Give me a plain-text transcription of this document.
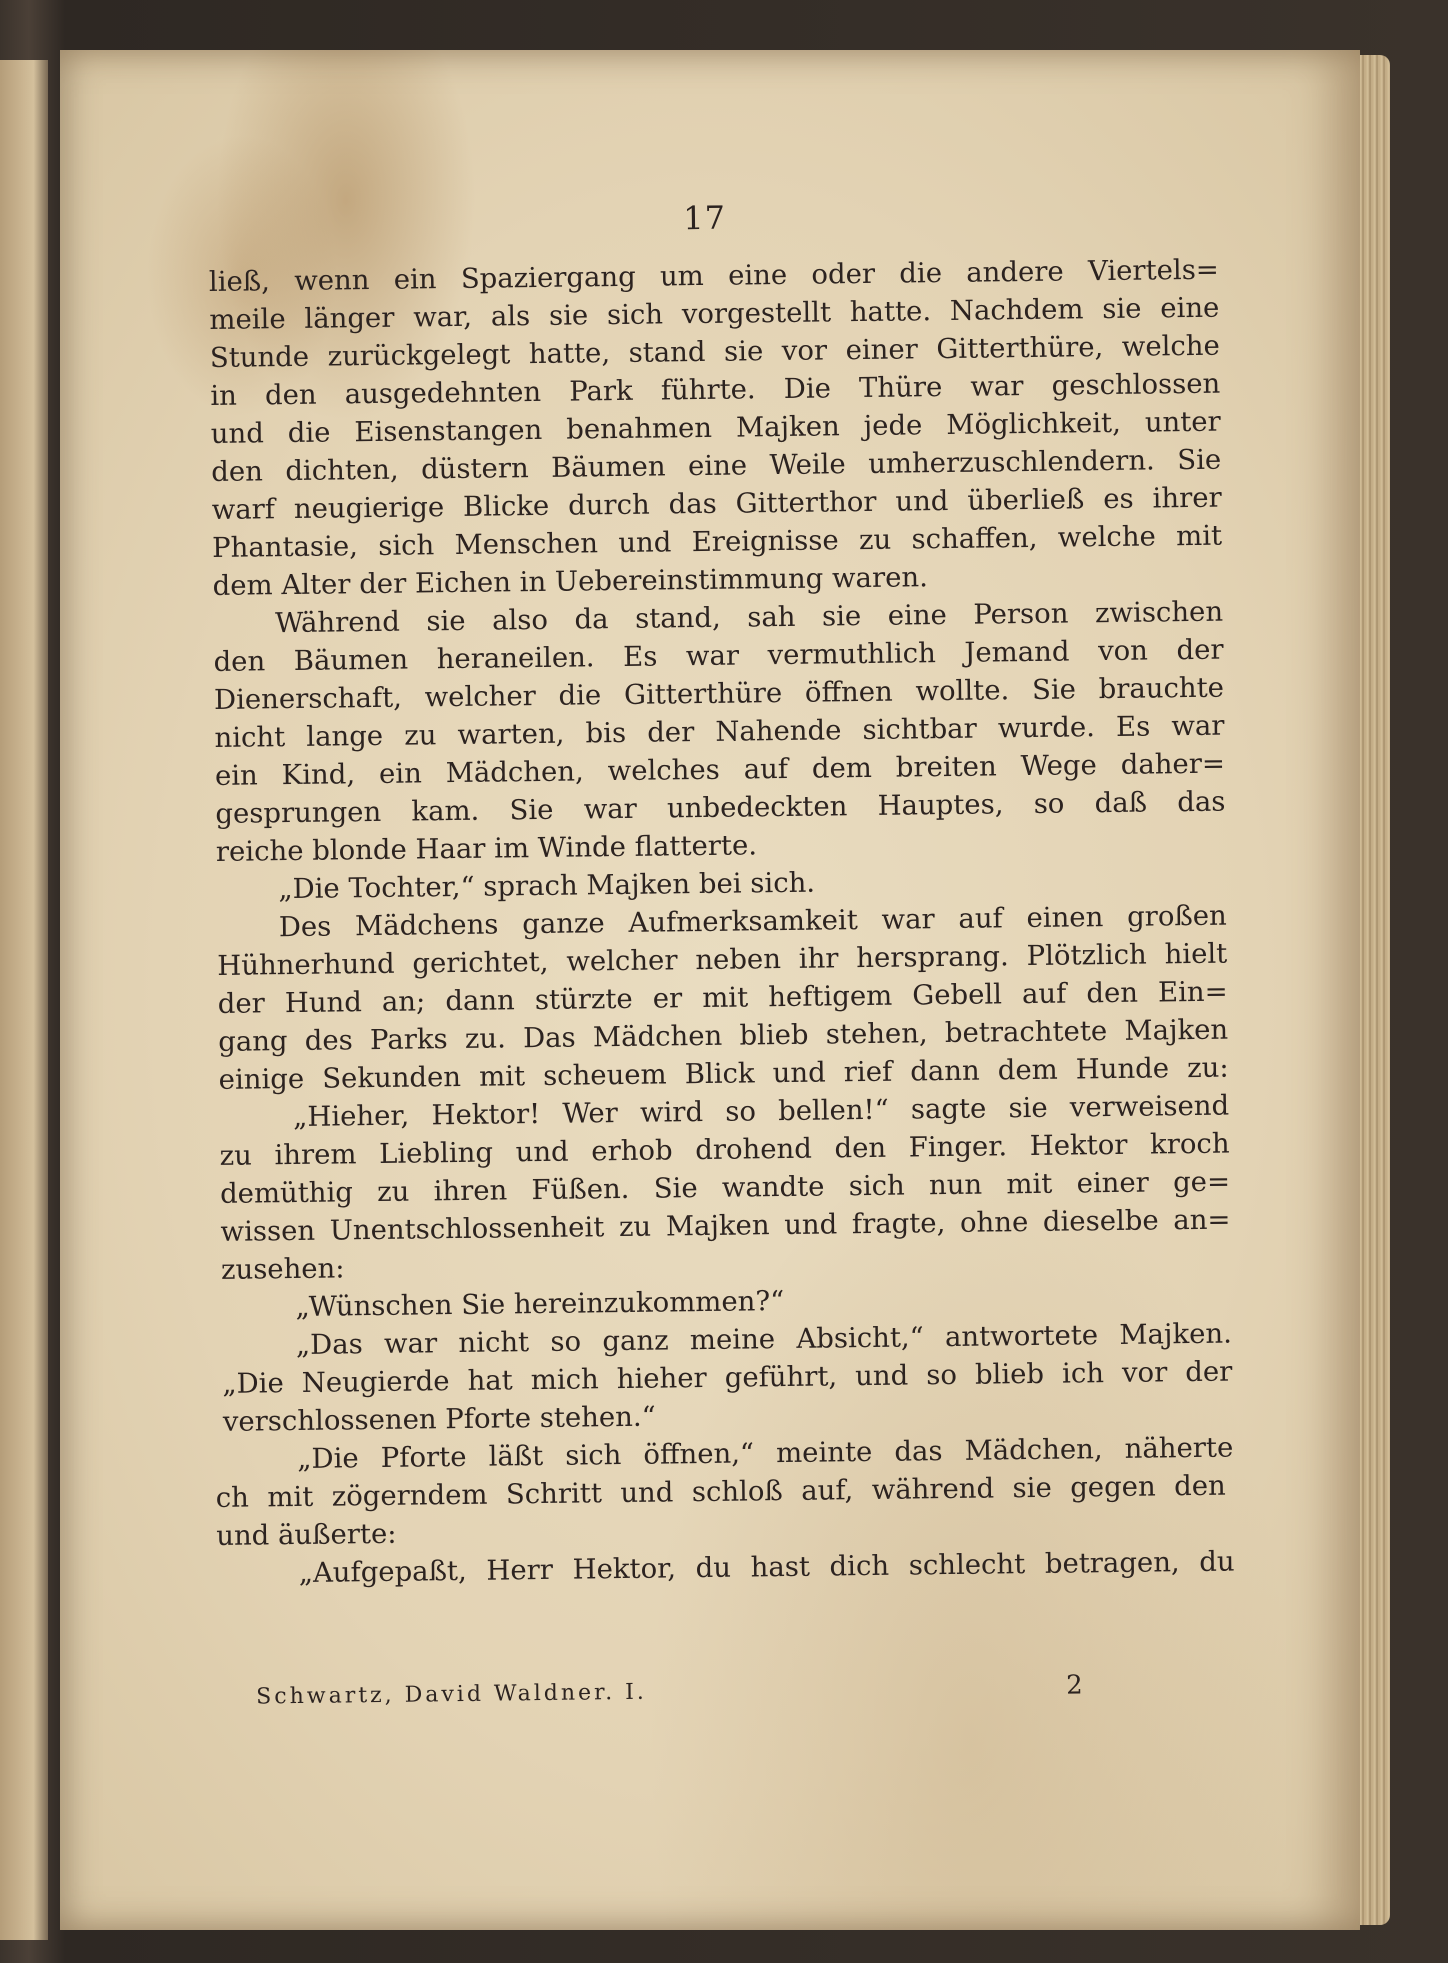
17
ließ, wenn ein Spaziergang um eine oder die andere Viertels=
meile länger war, als sie sich vorgestellt hatte. Nachdem sie eine
Stunde zurückgelegt hatte, stand sie vor einer Gitterthüre, welche
in den ausgedehnten Park führte. Die Thüre war geschlossen
und die Eisenstangen benahmen Majken jede Möglichkeit, unter
den dichten, düstern Bäumen eine Weile umherzuschlendern. Sie
warf neugierige Blicke durch das Gitterthor und überließ es ihrer
Phantasie, sich Menschen und Ereignisse zu schaffen, welche mit
dem Alter der Eichen in Uebereinstimmung waren.
Während sie also da stand, sah sie eine Person zwischen
den Bäumen heraneilen. Es war vermuthlich Jemand von der
Dienerschaft, welcher die Gitterthüre öffnen wollte. Sie brauchte
nicht lange zu warten, bis der Nahende sichtbar wurde. Es war
ein Kind, ein Mädchen, welches auf dem breiten Wege daher=
gesprungen kam. Sie war unbedeckten Hauptes, so daß das
reiche blonde Haar im Winde flatterte.
„Die Tochter,“ sprach Majken bei sich.
Des Mädchens ganze Aufmerksamkeit war auf einen großen
Hühnerhund gerichtet, welcher neben ihr hersprang. Plötzlich hielt
der Hund an; dann stürzte er mit heftigem Gebell auf den Ein=
gang des Parks zu. Das Mädchen blieb stehen, betrachtete Majken
einige Sekunden mit scheuem Blick und rief dann dem Hunde zu:
„Hieher, Hektor! Wer wird so bellen!“ sagte sie verweisend
zu ihrem Liebling und erhob drohend den Finger. Hektor kroch
demüthig zu ihren Füßen. Sie wandte sich nun mit einer ge=
wissen Unentschlossenheit zu Majken und fragte, ohne dieselbe an=
zusehen:
„Wünschen Sie hereinzukommen?“
„Das war nicht so ganz meine Absicht,“ antwortete Majken.
„Die Neugierde hat mich hieher geführt, und so blieb ich vor der
verschlossenen Pforte stehen.“
„Die Pforte läßt sich öffnen,“ meinte das Mädchen, näherte
ch mit zögerndem Schritt und schloß auf, während sie gegen den
und äußerte:
„Aufgepaßt, Herr Hektor, du hast dich schlecht betragen, du
Schwartz, David Waldner. I.	2
